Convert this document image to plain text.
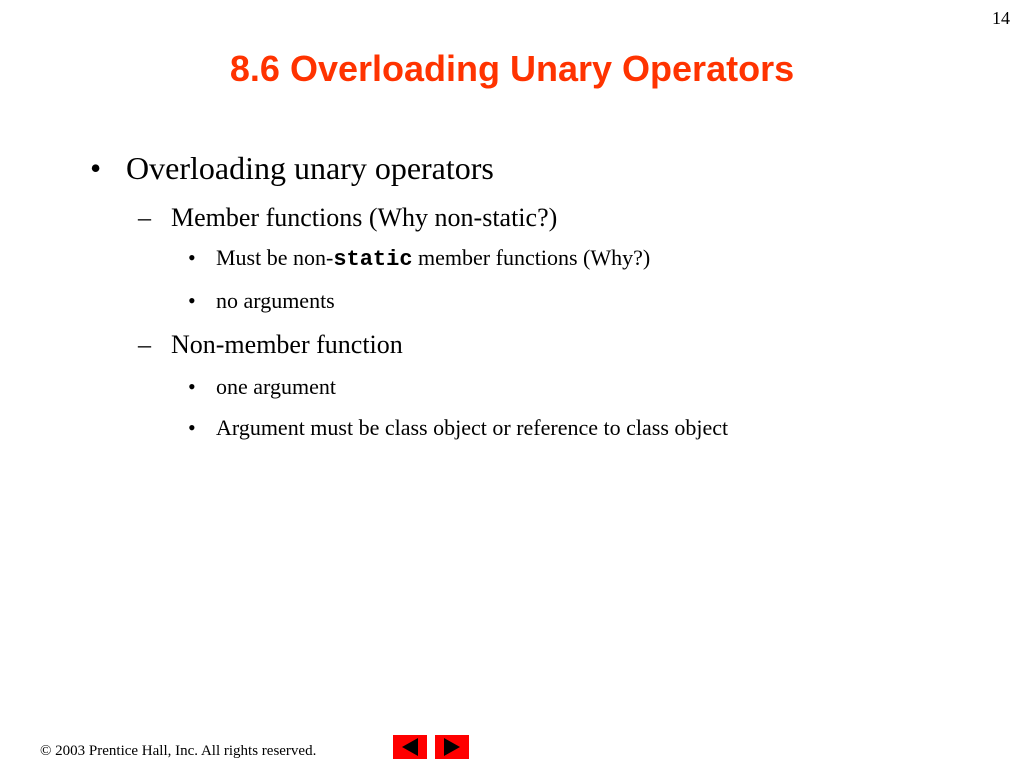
14
8.6 Overloading Unary Operators
• Overloading unary operators
– Member functions (Why non-static?)
• Must be non-static member functions (Why?)
• no arguments
– Non-member function
• one argument
• Argument must be class object or reference to class object
© 2003 Prentice Hall, Inc. All rights reserved.
